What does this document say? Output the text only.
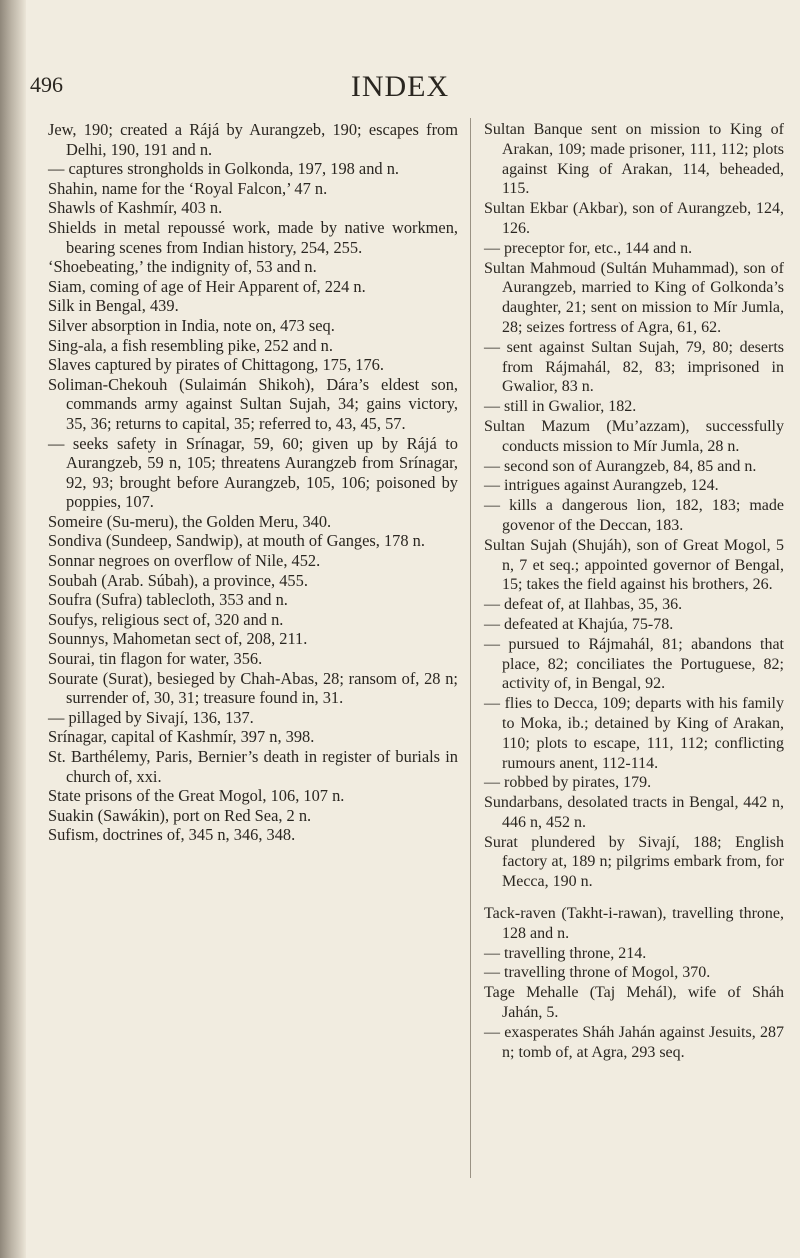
496	INDEX

Jew, 190; created a Rájá by Aurangzeb, 190; escapes from Delhi, 190, 191 and n.

— captures strongholds in Golkonda, 197, 198 and n.

Shahin, name for the ‘Royal Falcon,’ 47 n.

Shawls of Kashmír, 403 n.

Shields in metal repoussé work, made by native workmen, bearing scenes from Indian history, 254, 255.

‘Shoebeating,’ the indignity of, 53 and n.

Siam, coming of age of Heir Apparent of, 224 n.

Silk in Bengal, 439.

Silver absorption in India, note on, 473 seq.

Sing-ala, a fish resembling pike, 252 and n.

Slaves captured by pirates of Chittagong, 175, 176.

Soliman-Chekouh (Sulaimán Shikoh), Dára’s eldest son, commands army against Sultan Sujah, 34; gains victory, 35, 36; returns to capital, 35; referred to, 43, 45, 57.

— seeks safety in Srínagar, 59, 60; given up by Rájá to Aurangzeb, 59 n, 105; threatens Aurangzeb from Srínagar, 92, 93; brought before Aurangzeb, 105, 106; poisoned by poppies, 107.

Someire (Su-meru), the Golden Meru, 340.

Sondiva (Sundeep, Sandwip), at mouth of Ganges, 178 n.

Sonnar negroes on overflow of Nile, 452.

Soubah (Arab. Súbah), a province, 455.

Soufra (Sufra) tablecloth, 353 and n.

Soufys, religious sect of, 320 and n.

Sounnys, Mahometan sect of, 208, 211.

Sourai, tin flagon for water, 356.

Sourate (Surat), besieged by Chah-Abas, 28; ransom of, 28 n; surrender of, 30, 31; treasure found in, 31.

— pillaged by Sivají, 136, 137.

Srínagar, capital of Kashmír, 397 n, 398.

St. Barthélemy, Paris, Bernier’s death in register of burials in church of, xxi.

State prisons of the Great Mogol, 106, 107 n.

Suakin (Sawákin), port on Red Sea, 2 n.

Sufism, doctrines of, 345 n, 346, 348.

Sultan Banque sent on mission to King of Arakan, 109; made prisoner, 111, 112; plots against King of Arakan, 114, beheaded, 115.

Sultan Ekbar (Akbar), son of Aurangzeb, 124, 126.

— preceptor for, etc., 144 and n.

Sultan Mahmoud (Sultán Muhammad), son of Aurangzeb, married to King of Golkonda’s daughter, 21; sent on mission to Mír Jumla, 28; seizes fortress of Agra, 61, 62.

— sent against Sultan Sujah, 79, 80; deserts from Rájmahál, 82, 83; imprisoned in Gwalior, 83 n.

— still in Gwalior, 182.

Sultan Mazum (Mu’azzam), successfully conducts mission to Mír Jumla, 28 n.

— second son of Aurangzeb, 84, 85 and n.

— intrigues against Aurangzeb, 124.

— kills a dangerous lion, 182, 183; made govenor of the Deccan, 183.

Sultan Sujah (Shujáh), son of Great Mogol, 5 n, 7 et seq.; appointed governor of Bengal, 15; takes the field against his brothers, 26.

— defeat of, at Ilahbas, 35, 36.

— defeated at Khajúa, 75-78.

— pursued to Rájmahál, 81; abandons that place, 82; conciliates the Portuguese, 82; activity of, in Bengal, 92.

— flies to Decca, 109; departs with his family to Moka, ib.; detained by King of Arakan, 110; plots to escape, 111, 112; conflicting rumours anent, 112-114.

— robbed by pirates, 179.

Sundarbans, desolated tracts in Bengal, 442 n, 446 n, 452 n.

Surat plundered by Sivají, 188; English factory at, 189 n; pilgrims embark from, for Mecca, 190 n.

Tack-raven (Takht-i-rawan), travelling throne, 128 and n.

— travelling throne, 214.

— travelling throne of Mogol, 370.

Tage Mehalle (Taj Mehál), wife of Sháh Jahán, 5.

— exasperates Sháh Jahán against Jesuits, 287 n; tomb of, at Agra, 293 seq.
